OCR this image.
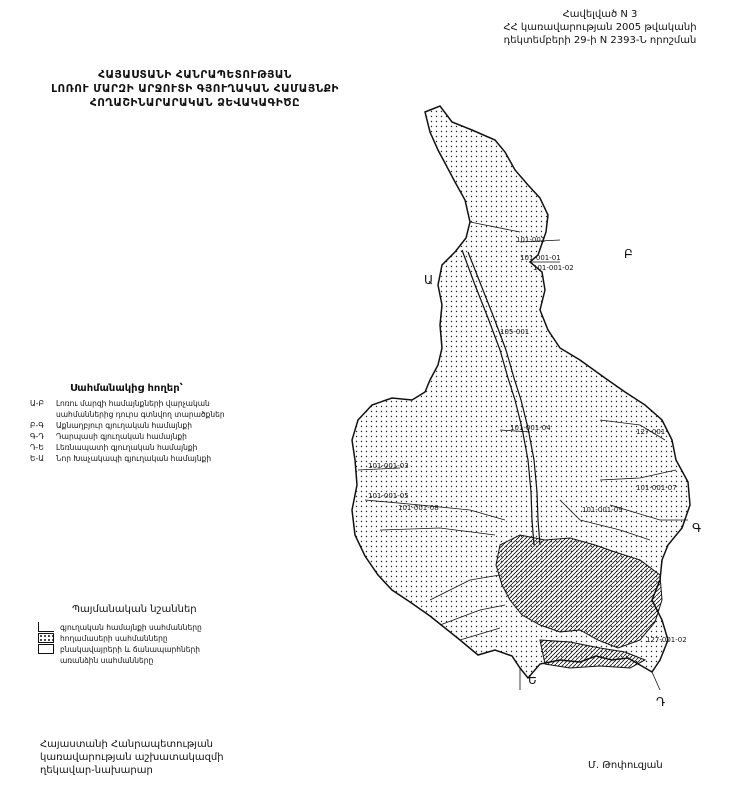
Հավելված N 3
ՀՀ կառավարության 2005 թվականի
դեկտեմբերի 29-ի N 2393-Ն որոշման
ՀԱՅԱՍՏԱՆԻ ՀԱՆՐԱՊԵՏՈՒԹՅԱՆ
ԼՈՌՈՒ ՄԱՐԶԻ ԱՐՋՈՒՏԻ ԳՅՈՒՂԱԿԱՆ ՀԱՄԱՅՆՔԻ
ՀՈՂԱՇԻՆԱՐԱՐԱԿԱՆ ՁԵՎԱԿԱԳԻԾԸ
Սահմանակից հողեր՝
Ա-Բ	Լոռու մարզի համայնքների վարչական
սահմաններից դուրս գտնվող տարածքներ
Բ-Գ	Աքնաղբյուր գյուղական համայնքի
Գ-Դ	Դարպասի գյուղական համայնքի
Դ-Ե	Լեռնապատի գյուղական համայնքի
Ե-Ա	Նոր Խաչակապի գյուղական համայնքի
Պայմանական նշաններ
գյուղական համայնքի սահմանները
հողամասերի սահմանները
բնակավայրերի և ճանապարհների
առանձին սահմանները
Հայաստանի Հանրապետության
կառավարության աշխատակազմի
ղեկավար-նախարար	Մ. Թոփուզյան
Ա
Բ
Գ
Դ
Ե
101-001
101-001-01
101-001-02
105-001
127-001
101-001-04
101-001-03
101-001-05
101-001-07
101-001-08	101-001-09
127-001-02
